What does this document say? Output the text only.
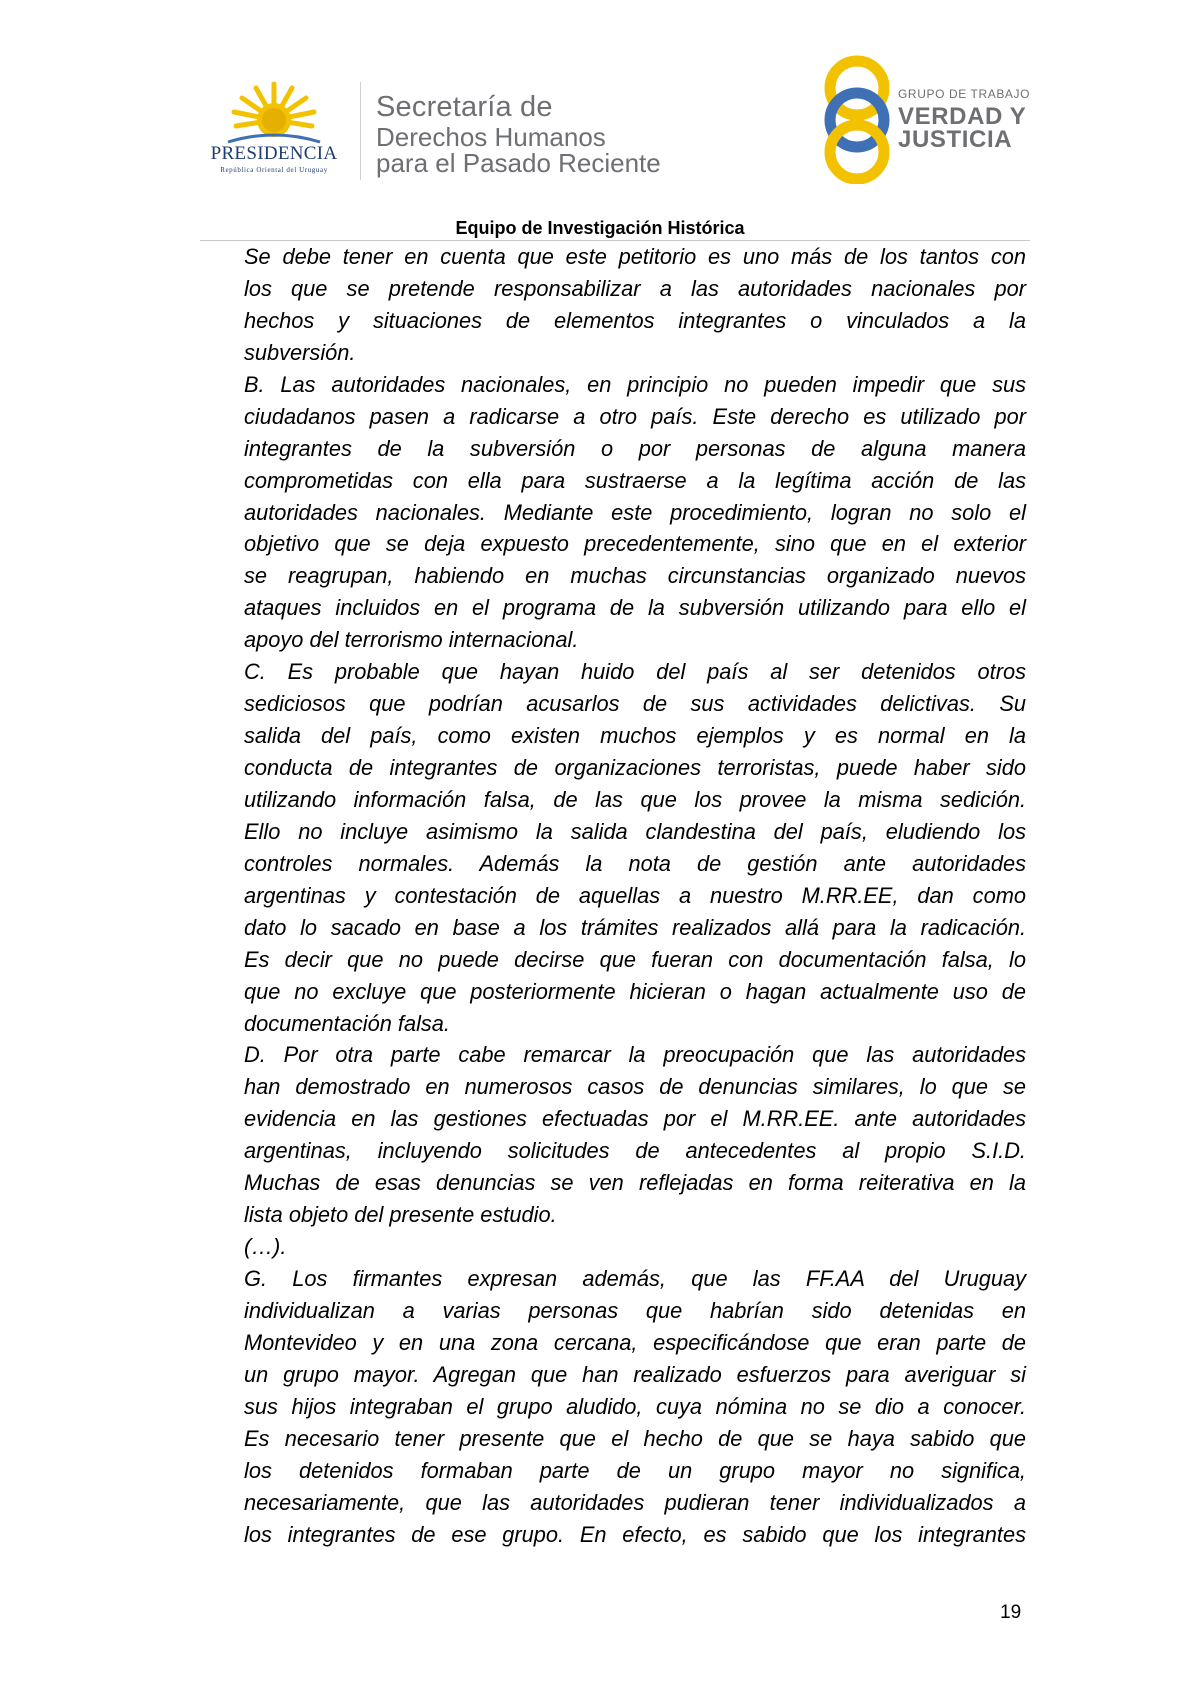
PRESIDENCIA
República Oriental del Uruguay
Secretaría de
Derechos Humanos
para el Pasado Reciente
GRUPO DE TRABAJO
VERDAD Y
JUSTICIA
Equipo de Investigación Histórica
Se debe tener en cuenta que este petitorio es uno más de los tantos con
los que se pretende responsabilizar a las autoridades nacionales por
hechos y situaciones de elementos integrantes o vinculados a la
subversión.
B. Las autoridades nacionales, en principio no pueden impedir que sus
ciudadanos pasen a radicarse a otro país. Este derecho es utilizado por
integrantes de la subversión o por personas de alguna manera
comprometidas con ella para sustraerse a la legítima acción de las
autoridades nacionales. Mediante este procedimiento, logran no solo el
objetivo que se deja expuesto precedentemente, sino que en el exterior
se reagrupan, habiendo en muchas circunstancias organizado nuevos
ataques incluidos en el programa de la subversión utilizando para ello el
apoyo del terrorismo internacional.
C. Es probable que hayan huido del país al ser detenidos otros
sediciosos que podrían acusarlos de sus actividades delictivas. Su
salida del país, como existen muchos ejemplos y es normal en la
conducta de integrantes de organizaciones terroristas, puede haber sido
utilizando información falsa, de las que los provee la misma sedición.
Ello no incluye asimismo la salida clandestina del país, eludiendo los
controles normales. Además la nota de gestión ante autoridades
argentinas y contestación de aquellas a nuestro M.RR.EE, dan como
dato lo sacado en base a los trámites realizados allá para la radicación.
Es decir que no puede decirse que fueran con documentación falsa, lo
que no excluye que posteriormente hicieran o hagan actualmente uso de
documentación falsa.
D. Por otra parte cabe remarcar la preocupación que las autoridades
han demostrado en numerosos casos de denuncias similares, lo que se
evidencia en las gestiones efectuadas por el M.RR.EE. ante autoridades
argentinas, incluyendo solicitudes de antecedentes al propio S.I.D.
Muchas de esas denuncias se ven reflejadas en forma reiterativa en la
lista objeto del presente estudio.
(…).
G. Los firmantes expresan además, que las FF.AA del Uruguay
individualizan a varias personas que habrían sido detenidas en
Montevideo y en una zona cercana, especificándose que eran parte de
un grupo mayor. Agregan que han realizado esfuerzos para averiguar si
sus hijos integraban el grupo aludido, cuya nómina no se dio a conocer.
Es necesario tener presente que el hecho de que se haya sabido que
los detenidos formaban parte de un grupo mayor no significa,
necesariamente, que las autoridades pudieran tener individualizados a
los integrantes de ese grupo. En efecto, es sabido que los integrantes
19
